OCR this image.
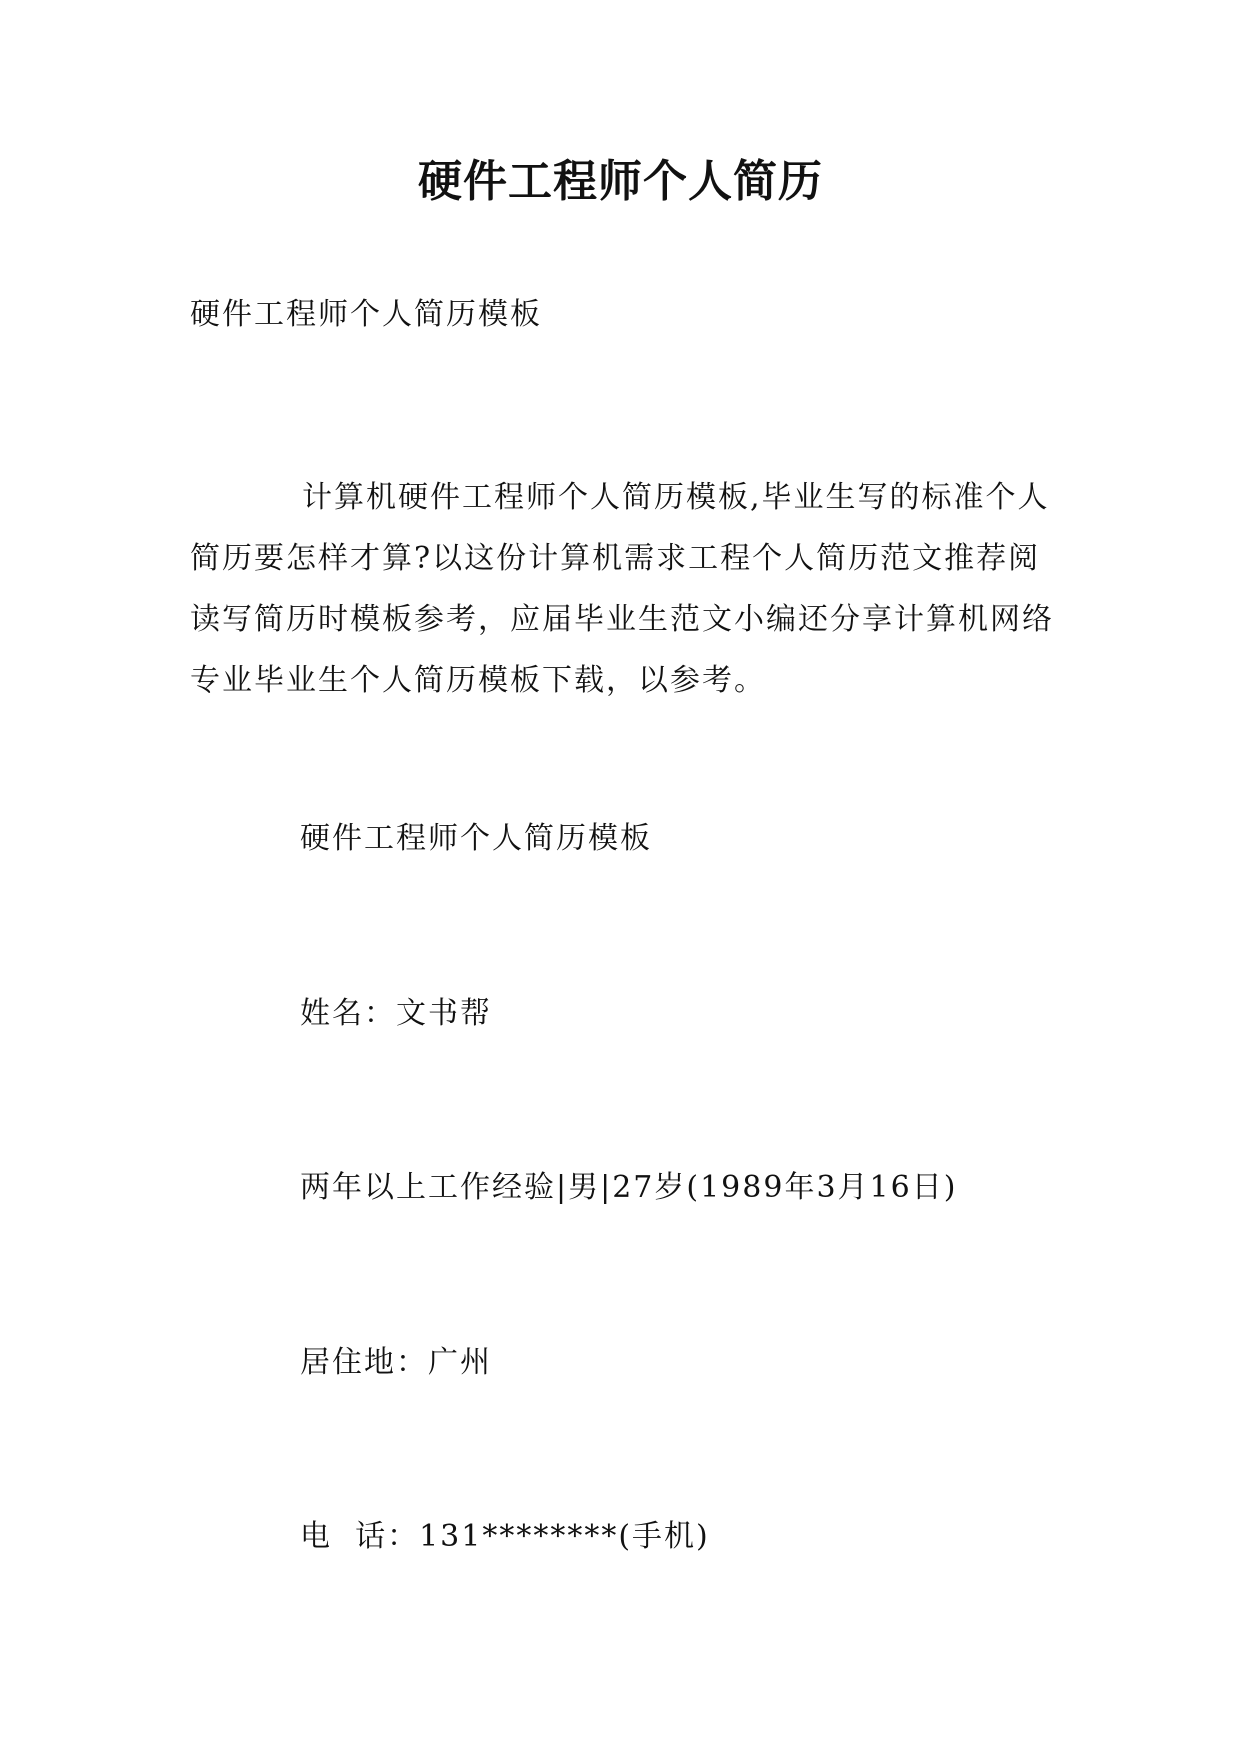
硬件工程师个人简历

硬件工程师个人简历模板

计算机硬件工程师个人简历模板,毕业生写的标准个人简历要怎样才算?以这份计算机需求工程个人简历范文推荐阅读写简历时模板参考，应届毕业生范文小编还分享计算机网络专业毕业生个人简历模板下载，以参考。

硬件工程师个人简历模板

姓名：文书帮

两年以上工作经验|男|27岁(1989年3月16日)

居住地：广州

电  话：131********(手机)
